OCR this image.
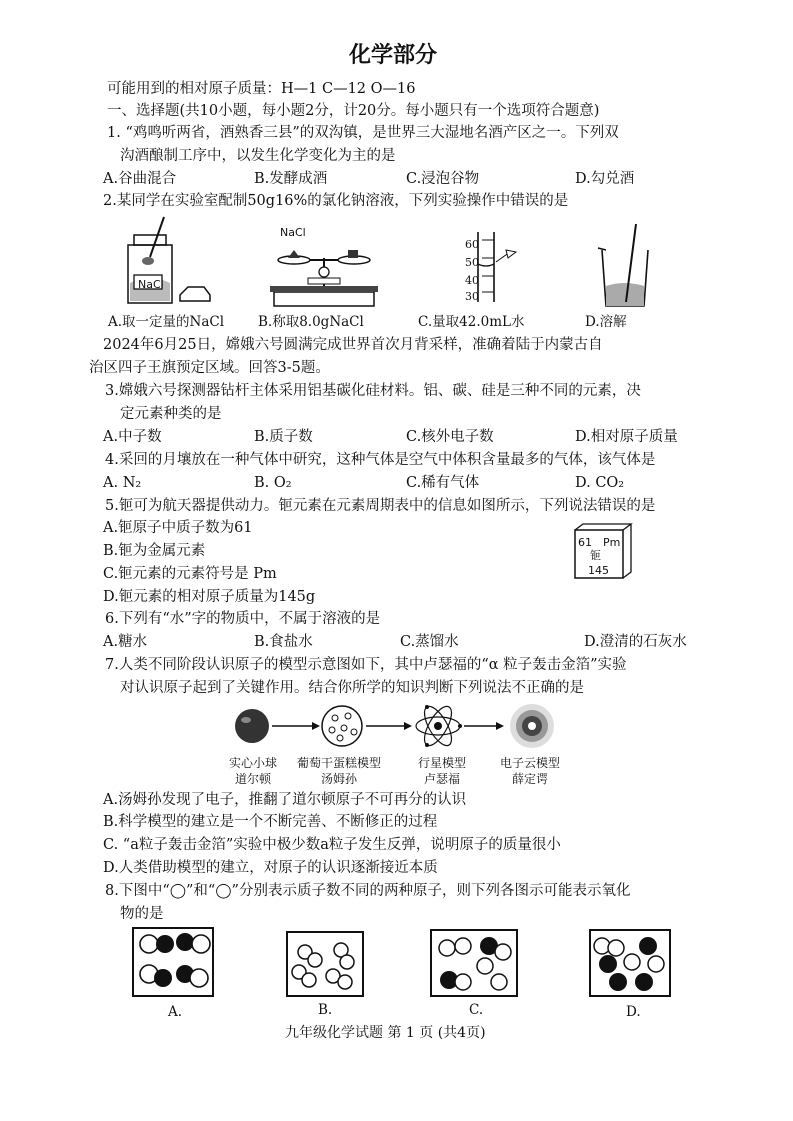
化学部分
可能用到的相对原子质量：H—1 C—12 O—16
一、选择题(共10小题，每小题2分，计20分。每小题只有一个选项符合题意)
1. “鸡鸣听两省，酒熟香三县”的双沟镇，是世界三大湿地名酒产区之一。下列双
沟酒酿制工序中，以发生化学变化为主的是
A.谷曲混合	B.发酵成酒	C.浸泡谷物	D.勾兑酒
2.某同学在实验室配制50g16%的氯化钠溶液，下列实验操作中错误的是
NaCl
NaCl
60
50
40
30
A.取一定量的NaCl	B.称取8.0gNaCl	C.量取42.0mL水	D.溶解
2024年6月25日，嫦娥六号圆满完成世界首次月背采样，准确着陆于内蒙古自
治区四子王旗预定区域。回答3-5题。
3.嫦娥六号探测器钻杆主体采用铝基碳化硅材料。铝、碳、硅是三种不同的元素，决
定元素种类的是
A.中子数	B.质子数	C.核外电子数	D.相对原子质量
4.采回的月壤放在一种气体中研究，这种气体是空气中体积含量最多的气体，该气体是
A. N₂	B. O₂	C.稀有气体	D. CO₂
5.钷可为航天器提供动力。钷元素在元素周期表中的信息如图所示，下列说法错误的是
A.钷原子中质子数为61
B.钷为金属元素
C.钷元素的元素符号是 Pm
D.钷元素的相对原子质量为145g
61 Pm
钷
145
6.下列有“水”字的物质中，不属于溶液的是
A.糖水	B.食盐水	C.蒸馏水	D.澄清的石灰水
7.人类不同阶段认识原子的模型示意图如下，其中卢瑟福的“α 粒子轰击金箔”实验
对认识原子起到了关键作用。结合你所学的知识判断下列说法不正确的是
实心小球
道尔顿
葡萄干蛋糕模型
汤姆孙
行星模型
卢瑟福
电子云模型
薛定谔
A.汤姆孙发现了电子，推翻了道尔顿原子不可再分的认识
B.科学模型的建立是一个不断完善、不断修正的过程
C. “a粒子轰击金箔”实验中极少数a粒子发生反弹，说明原子的质量很小
D.人类借助模型的建立，对原子的认识逐渐接近本质
8.下图中“◯”和“◯”分别表示质子数不同的两种原子，则下列各图示可能表示氧化
物的是
A.	B.	C.	D.
九年级化学试题 第 1 页 (共4页)
